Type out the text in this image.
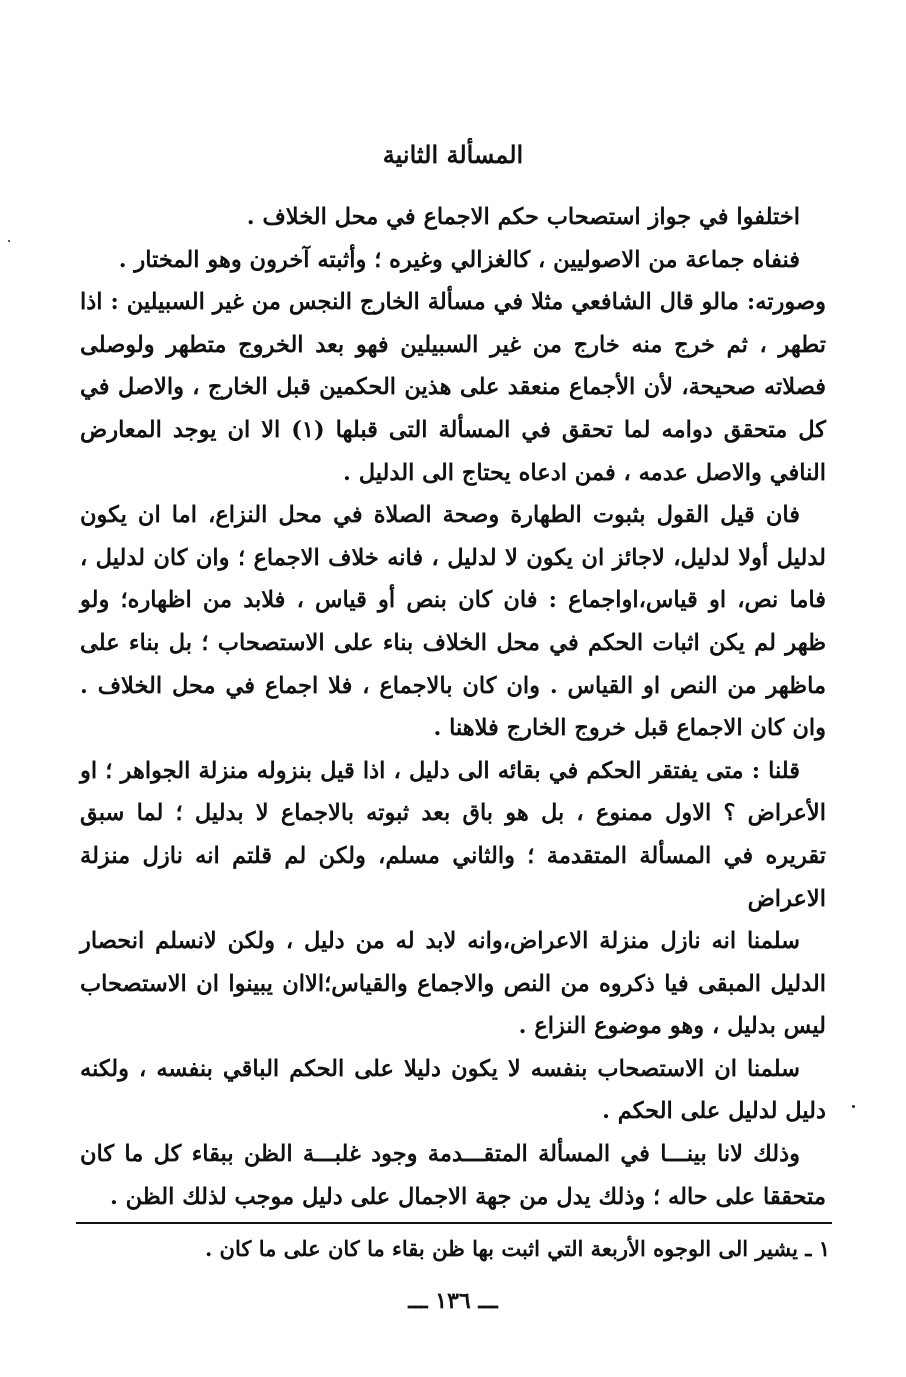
المسألة الثانية

اختلفوا في جواز استصحاب حكم الاجماع في محل الخلاف .

فنفاه جماعة من الاصوليين ، كالغزالي وغيره ؛ وأثبته آخرون وهو المختار .

وصورته: مالو قال الشافعي مثلا في مسألة الخارج النجس من غير السبيلين : اذا تطهر ، ثم خرج منه خارج من غير السبيلين فهو بعد الخروج متطهر ولوصلى فصلاته صحيحة، لأن الأجماع منعقد على هذين الحكمين قبل الخارج ، والاصل في كل متحقق دوامه لما تحقق في المسألة التى قبلها (١) الا ان يوجد المعارض النافي والاصل عدمه ، فمن ادعاه يحتاج الى الدليل .

فان قيل القول بثبوت الطهارة وصحة الصلاة في محل النزاع، اما ان يكون لدليل أولا لدليل، لاجائز ان يكون لا لدليل ، فانه خلاف الاجماع ؛ وان كان لدليل ، فاما نص، او قياس،اواجماع : فان كان بنص أو قياس ، فلابد من اظهاره؛ ولو ظهر لم يكن اثبات الحكم في محل الخلاف بناء على الاستصحاب ؛ بل بناء على ماظهر من النص او القياس . وان كان بالاجماع ، فلا اجماع في محل الخلاف . وان كان الاجماع قبل خروج الخارج فلاهنا .

قلنا : متى يفتقر الحكم في بقائه الى دليل ، اذا قيل بنزوله منزلة الجواهر ؛ او الأعراض ؟ الاول ممنوع ، بل هو باق بعد ثبوته بالاجماع لا بدليل ؛ لما سبق تقريره في المسألة المتقدمة ؛ والثاني مسلم، ولكن لم قلتم انه نازل منزلة الاعراض

سلمنا انه نازل منزلة الاعراض،وانه لابد له من دليل ، ولكن لانسلم انحصار الدليل المبقى فيا ذكروه من النص والاجماع والقياس؛الاان يبينوا ان الاستصحاب ليس بدليل ، وهو موضوع النزاع .

سلمنا ان الاستصحاب بنفسه لا يكون دليلا على الحكم الباقي بنفسه ، ولكنه دليل لدليل على الحكم .

وذلك لانا بينـــا في المسألة المتقـــدمة وجود غلبـــة الظن ببقاء كل ما كان متحققا على حاله ؛ وذلك يدل من جهة الاجمال على دليل موجب لذلك الظن .

١ ـ يشير الى الوجوه الأربعة التي اثبت بها ظن بقاء ما كان على ما كان .
ـــ ١٣٦ ـــ
